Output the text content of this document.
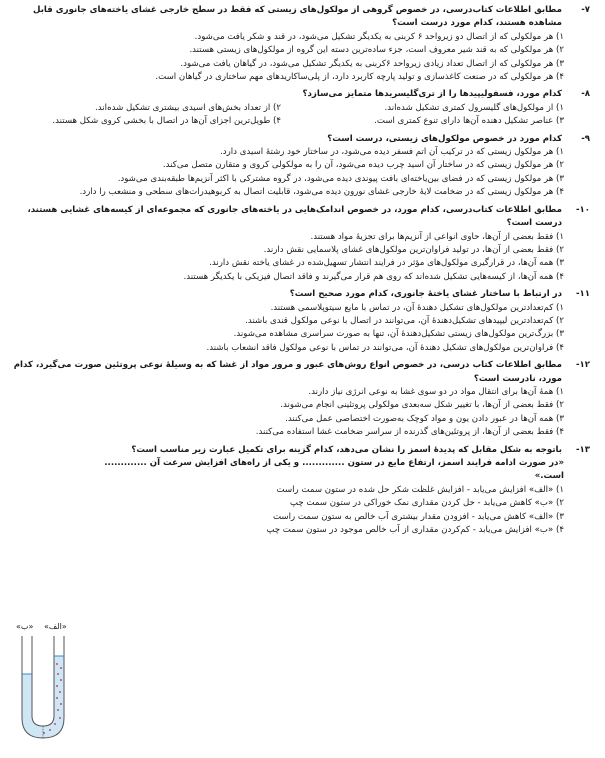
-۷
مطابق اطلاعات کتاب‌درسی، در خصوص گروهی از مولکول‌های زیستی که فقط در سطح خارجی غشای یاخته‌های جانوری قابل مشاهده هستند، کدام مورد درست است؟
۱) هر مولکولی که از اتصال دو زیرواحد ۶ کربنی به یکدیگر تشکیل می‌شود، در قند و شکر یافت می‌شود.
۲) هر مولکولی که به قند شیر معروف است، جزء ساده‌ترین دسته این گروه از مولکول‌های زیستی هستند.
۳) هر مولکولی که از اتصال تعداد زیادی زیرواحد ۶کربنی به یکدیگر تشکیل می‌شود، در گیاهان یافت می‌شود.
۴) هر مولکولی که در صنعت کاغذسازی و تولید پارچه کاربرد دارد، از پلی‌ساکاریدهای مهم ساختاری در گیاهان است.
-۸
کدام مورد، فسفولیپیدها را از تری‌گلیسریدها متمایز می‌سازد؟
۱) از مولکول‌های گلیسرول کمتری تشکیل شده‌اند.
۲) از تعداد بخش‌های اسیدی بیشتری تشکیل شده‌اند.
۳) عناصر تشکیل دهنده آن‌ها دارای تنوع کمتری است.
۴) طویل‌ترین اجزای آن‌ها در اتصال با بخشی کروی شکل هستند.
-۹
کدام مورد در خصوص مولکول‌های زیستی، درست است؟
۱) هر مولکول زیستی که در ترکیب آن اتم فسفر دیده می‌شود، در ساختار خود رشتهٔ اسیدی دارد.
۲) هر مولکول زیستی که در ساختار آن اسید چرب دیده می‌شود، آن را به مولکولی کروی و متقارن متصل می‌کند.
۳) هر مولکول زیستی که در فضای بین‌یاخته‌ای بافت پیوندی دیده می‌شود، در گروه مشترکی با اکثر آنزیم‌ها طبقه‌بندی می‌شود.
۴) هر مولکول زیستی که در ضخامت لایهٔ خارجی غشای نورون دیده می‌شود، قابلیت اتصال به کربوهیدرات‌های سطحی و منشعب را دارد.
-۱۰
مطابق اطلاعات کتاب‌درسی، کدام مورد، در خصوص اندامک‌هایی در یاخته‌های جانوری که مجموعه‌ای از کیسه‌های غشایی هستند، درست است؟
۱) فقط بعضی از آن‌ها، حاوی انواعی از آنزیم‌ها برای تجزیهٔ مواد هستند.
۲) فقط بعضی از آن‌ها، در تولید فراوان‌ترین مولکول‌های غشای پلاسمایی نقش دارند.
۳) همه آن‌ها، در قرارگیری مولکول‌های مؤثر در فرایند انتشار تسهیل‌شده در غشای یاخته نقش دارند.
۴) همه آن‌ها، از کیسه‌هایی تشکیل شده‌اند که روی هم قرار می‌گیرند و فاقد اتصال فیزیکی با یکدیگر هستند.
-۱۱
در ارتباط با ساختار غشای یاختهٔ جانوری، کدام مورد صحیح است؟
۱) کم‌تعدادترین مولکول‌های تشکیل دهندهٔ آن، در تماس با مایع سیتوپلاسمی هستند.
۲) کم‌تعدادترین لیپیدهای تشکیل‌دهندهٔ آن، می‌توانند در اتصال با نوعی مولکول قندی باشند.
۳) بزرگ‌ترین مولکول‌های زیستی تشکیل‌دهندهٔ آن، تنها به صورت سراسری مشاهده می‌شوند.
۴) فراوان‌ترین مولکول‌های تشکیل دهندهٔ آن، می‌توانند در تماس با نوعی مولکول فاقد انشعاب باشند.
-۱۲
مطابق اطلاعات کتاب درسی، در خصوص انواع روش‌های عبور و مرور مواد از غشا که به وسیلهٔ نوعی پروتئین صورت می‌گیرد، کدام مورد، نادرست است؟
۱) همهٔ آن‌ها برای انتقال مواد در دو سوی غشا به نوعی انرژی نیاز دارند.
۲) فقط بعضی از آن‌ها، با تغییر شکل سه‌بعدی مولکولی پروتئینی انجام می‌شوند.
۳) همه آن‌ها در عبور دادن یون و مواد کوچک به‌صورت اختصاصی عمل می‌کنند.
۴) فقط بعضی از آن‌ها، از پروتئین‌های گذرنده از سراسر ضخامت غشا استفاده می‌کنند.
-۱۳
باتوجه به شکل مقابل که پدیدهٔ اسمز را نشان می‌دهد، کدام گزینه برای تکمیل عبارت زیر مناسب است؟
«در صورت ادامه فرایند اسمز، ارتفاع مایع در ستون ............. و یکی از راه‌های افزایش سرعت آن ............. است.»
۱) «الف» افزایش می‌یابد - افزایش غلظت شکر حل شده در ستون سمت راست
۲) «ب» کاهش می‌یابد - حل کردن مقداری نمک خوراکی در ستون سمت چپ
۳) «الف» کاهش می‌یابد - افزودن مقدار بیشتری آب خالص به ستون سمت راست
۴) «ب» افزایش می‌یابد - کم‌کردن مقداری از آب خالص موجود در ستون سمت چپ
«ب» «الف»
